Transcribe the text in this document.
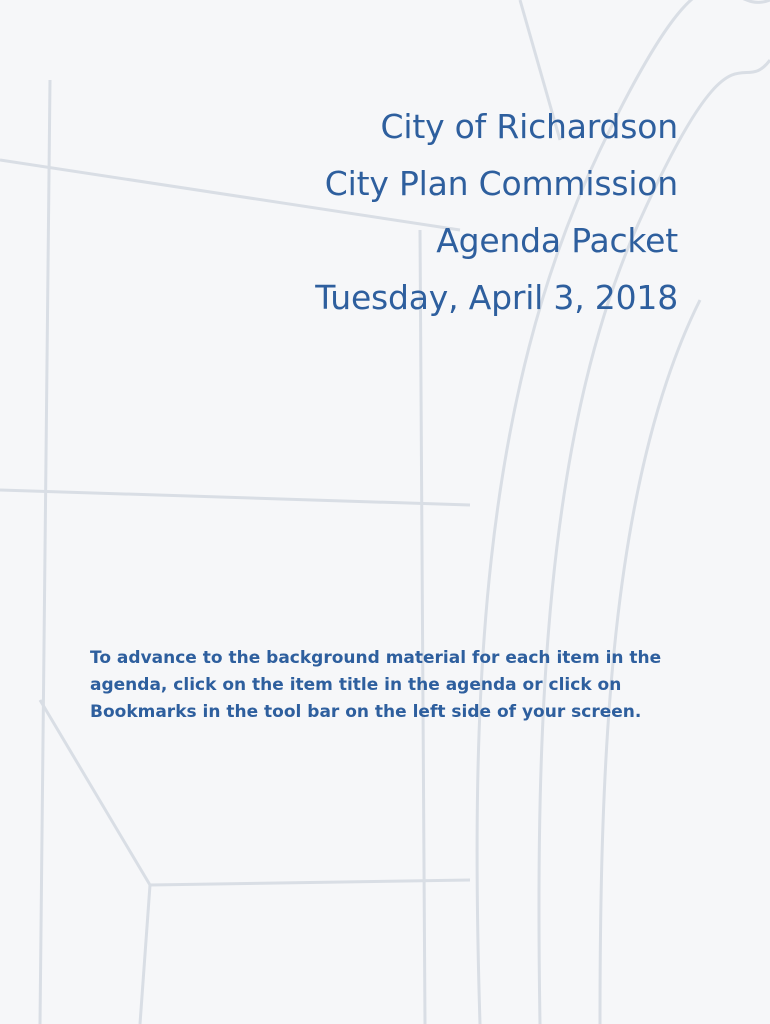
City of Richardson
City Plan Commission
Agenda Packet
Tuesday, April 3, 2018
To advance to the background material for each item in the agenda, click on the item title in the agenda or click on Bookmarks in the tool bar on the left side of your screen.
